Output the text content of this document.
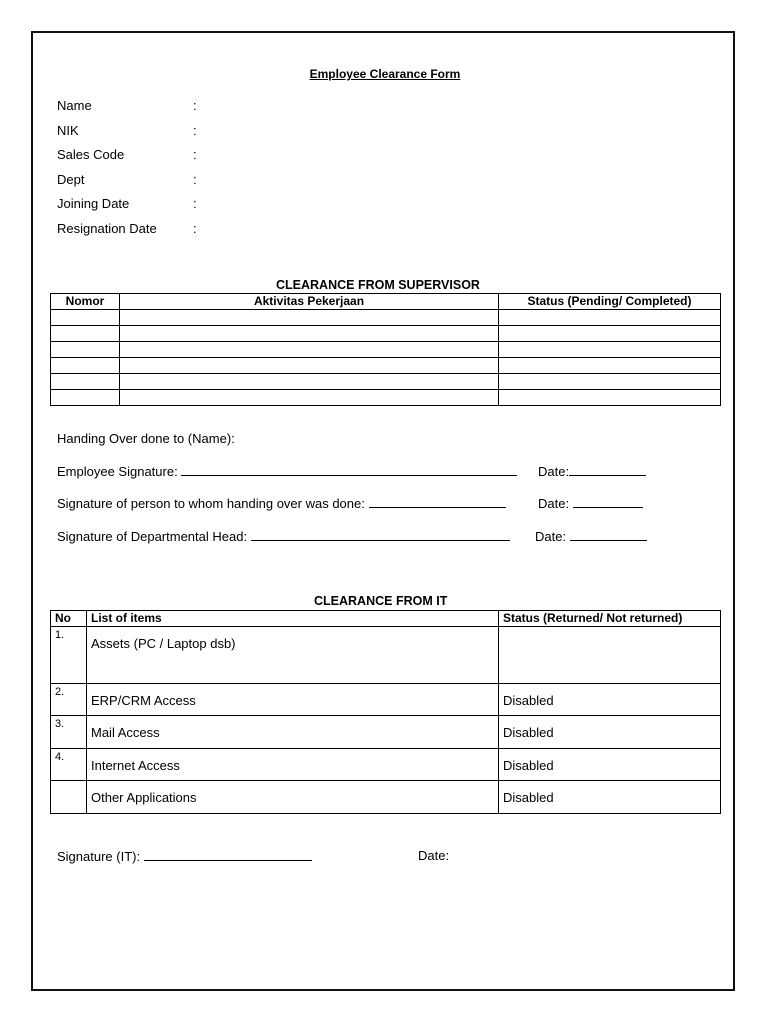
Employee Clearance Form
Name	:
NIK	:
Sales Code	:
Dept	:
Joining Date	:
Resignation Date	:
CLEARANCE FROM SUPERVISOR
Nomor	Aktivitas Pekerjaan	Status (Pending/ Completed)

Handing Over done to (Name):
Employee Signature:	Date:
Signature of person to whom handing over was done:	Date:
Signature of Departmental Head:	Date:
CLEARANCE FROM IT
No	List of items	Status (Returned/ Not returned)
1.	Assets (PC / Laptop dsb)	
2.	ERP/CRM Access	Disabled
3.	Mail Access	Disabled
4.	Internet Access	Disabled
	Other Applications	Disabled
Signature (IT):	Date:
